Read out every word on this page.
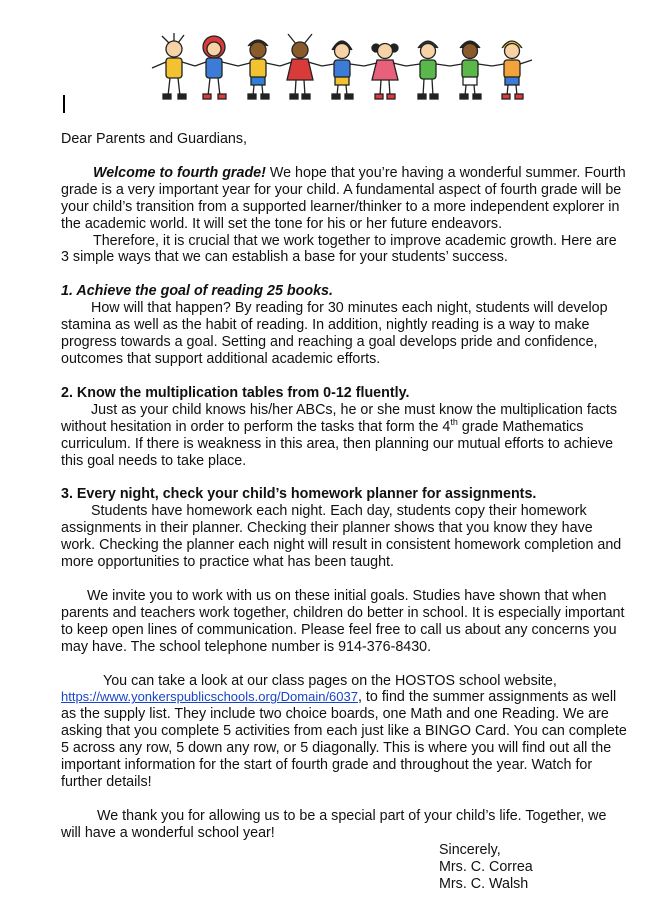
Dear Parents and Guardians,

Welcome to fourth grade! We hope that you’re having a wonderful summer. Fourth grade is a very important year for your child. A fundamental aspect of fourth grade will be your child’s transition from a supported learner/thinker to a more independent explorer in the academic world. It will set the tone for his or her future endeavors.

Therefore, it is crucial that we work together to improve academic growth. Here are 3 simple ways that we can establish a base for your students’ success.

1. Achieve the goal of reading 25 books.

How will that happen? By reading for 30 minutes each night, students will develop stamina as well as the habit of reading. In addition, nightly reading is a way to make progress towards a goal. Setting and reaching a goal develops pride and confidence, outcomes that support additional academic efforts.

2. Know the multiplication tables from 0-12 fluently.

Just as your child knows his/her ABCs, he or she must know the multiplication facts without hesitation in order to perform the tasks that form the 4th grade Mathematics curriculum. If there is weakness in this area, then planning our mutual efforts to achieve this goal needs to take place.

3. Every night, check your child’s homework planner for assignments.

Students have homework each night. Each day, students copy their homework assignments in their planner. Checking their planner shows that you know they have work. Checking the planner each night will result in consistent homework completion and more opportunities to practice what has been taught.

We invite you to work with us on these initial goals. Studies have shown that when parents and teachers work together, children do better in school. It is especially important to keep open lines of communication. Please feel free to call us about any concerns you may have. The school telephone number is 914-376-8430.

You can take a look at our class pages on the HOSTOS school website,
https://www.yonkerspublicschools.org/Domain/6037, to find the summer assignments as well as the supply list. They include two choice boards, one Math and one Reading. We are asking that you complete 5 activities from each just like a BINGO Card. You can complete 5 across any row, 5 down any row, or 5 diagonally. This is where you will find out all the important information for the start of fourth grade and throughout the year. Watch for further details!

We thank you for allowing us to be a special part of your child’s life. Together, we will have a wonderful school year!

Sincerely,
Mrs. C. Correa
Mrs. C. Walsh
